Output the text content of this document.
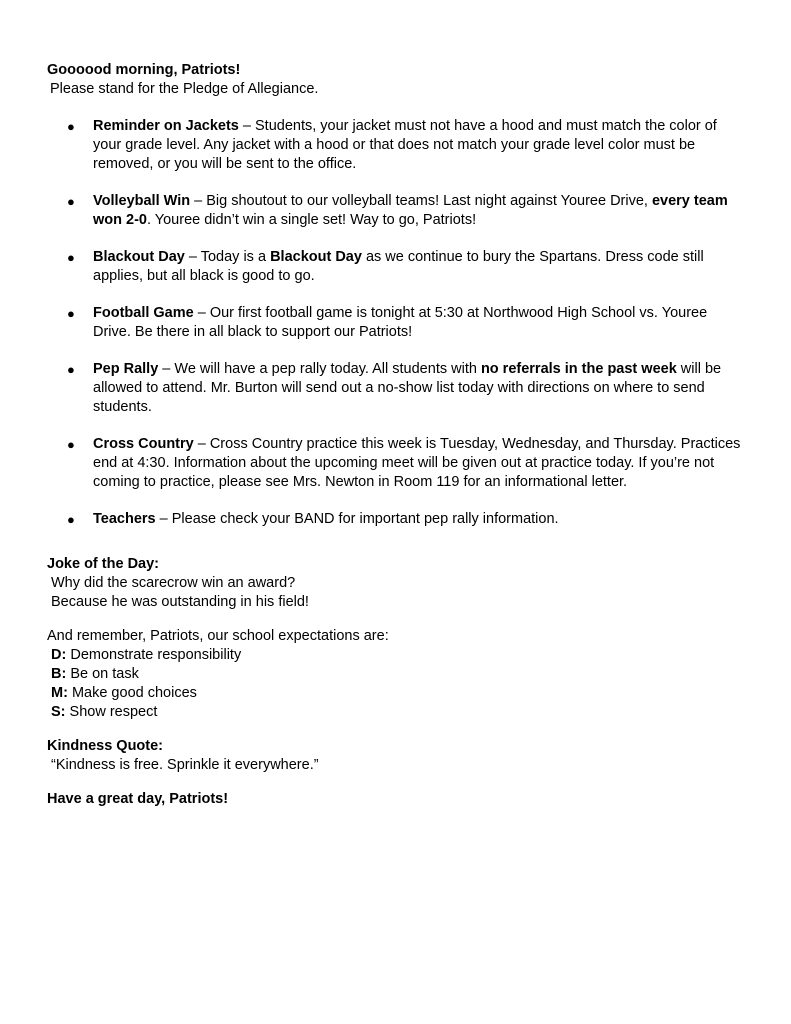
Goooood morning, Patriots!
Please stand for the Pledge of Allegiance.
● Reminder on Jackets – Students, your jacket must not have a hood and must match the color of your grade level. Any jacket with a hood or that does not match your grade level color must be removed, or you will be sent to the office.
● Volleyball Win – Big shoutout to our volleyball teams! Last night against Youree Drive, every team won 2-0. Youree didn’t win a single set! Way to go, Patriots!
● Blackout Day – Today is a Blackout Day as we continue to bury the Spartans. Dress code still applies, but all black is good to go.
● Football Game – Our first football game is tonight at 5:30 at Northwood High School vs. Youree Drive. Be there in all black to support our Patriots!
● Pep Rally – We will have a pep rally today. All students with no referrals in the past week will be allowed to attend. Mr. Burton will send out a no-show list today with directions on where to send students.
● Cross Country – Cross Country practice this week is Tuesday, Wednesday, and Thursday. Practices end at 4:30. Information about the upcoming meet will be given out at practice today. If you’re not coming to practice, please see Mrs. Newton in Room 119 for an informational letter.
● Teachers – Please check your BAND for important pep rally information.
Joke of the Day:
Why did the scarecrow win an award?
Because he was outstanding in his field!
And remember, Patriots, our school expectations are:
D: Demonstrate responsibility
B: Be on task
M: Make good choices
S: Show respect
Kindness Quote:
“Kindness is free. Sprinkle it everywhere.”
Have a great day, Patriots!
